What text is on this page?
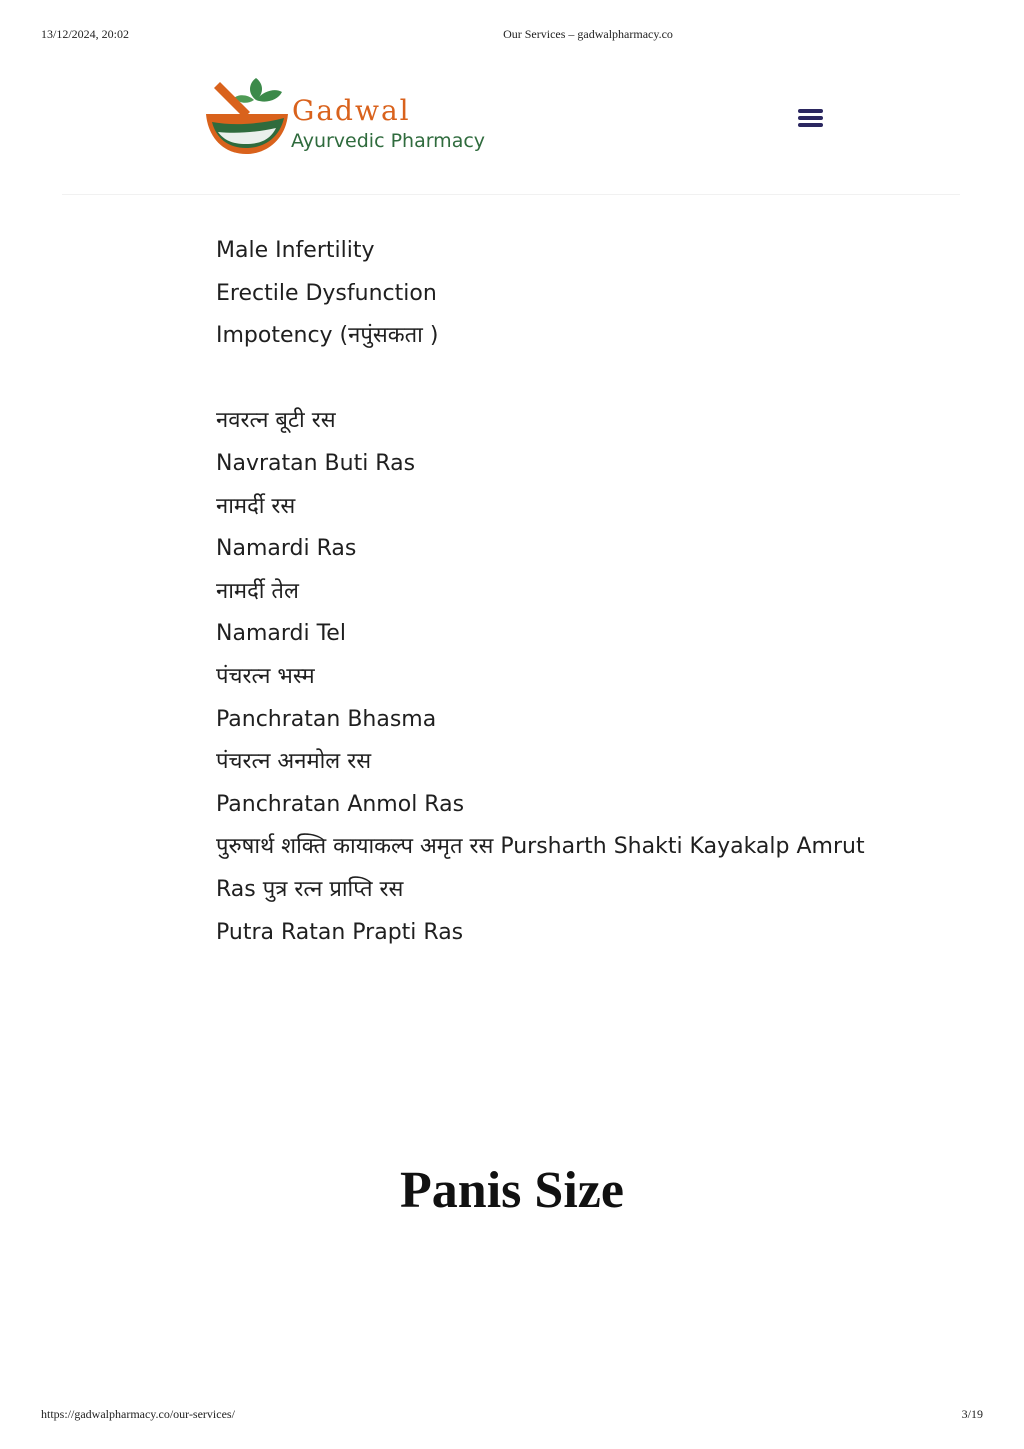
13/12/2024, 20:02	Our Services – gadwalpharmacy.co
Gadwal
Ayurvedic Pharmacy
Male Infertility
Erectile Dysfunction
Impotency (नपुंसकता )
नवरत्न बूटी रस
Navratan Buti Ras
नामर्दी रस
Namardi Ras
नामर्दी तेल
Namardi Tel
पंचरत्न भस्म
Panchratan Bhasma
पंचरत्न अनमोल रस
Panchratan Anmol Ras
पुरुषार्थ शक्ति कायाकल्प अमृत रस Pursharth Shakti Kayakalp Amrut Ras पुत्र रत्न प्राप्ति रस
Putra Ratan Prapti Ras
Panis Size
https://gadwalpharmacy.co/our-services/	3/19
